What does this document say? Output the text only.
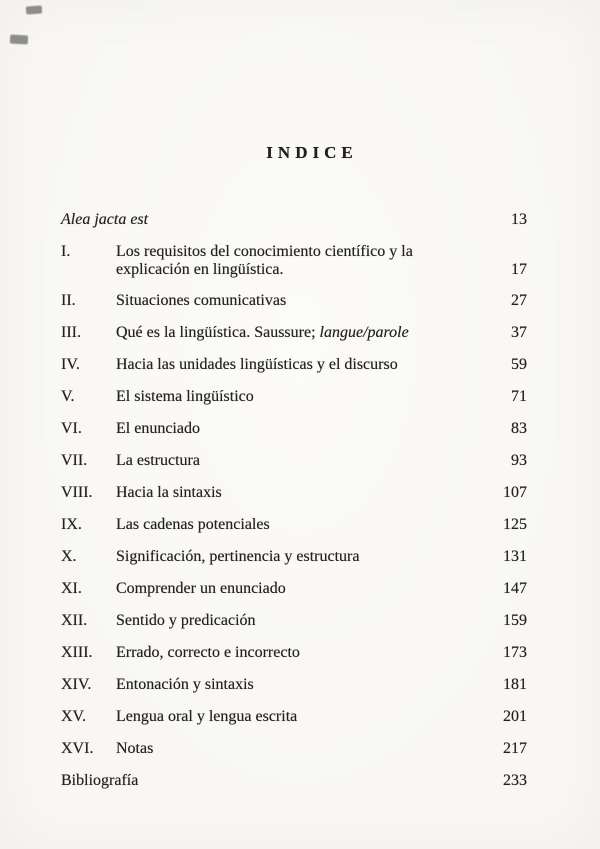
INDICE
Alea jacta est	13
I.	Los requisitos del conocimiento científico y la explicación en lingüística.	17
II.	Situaciones comunicativas	27
III.	Qué es la lingüística. Saussure; langue/parole	37
IV.	Hacia las unidades lingüísticas y el discurso	59
V.	El sistema lingüístico	71
VI.	El enunciado	83
VII.	La estructura	93
VIII.	Hacia la sintaxis	107
IX.	Las cadenas potenciales	125
X.	Significación, pertinencia y estructura	131
XI.	Comprender un enunciado	147
XII.	Sentido y predicación	159
XIII.	Errado, correcto e incorrecto	173
XIV.	Entonación y sintaxis	181
XV.	Lengua oral y lengua escrita	201
XVI.	Notas	217
Bibliografía	233
